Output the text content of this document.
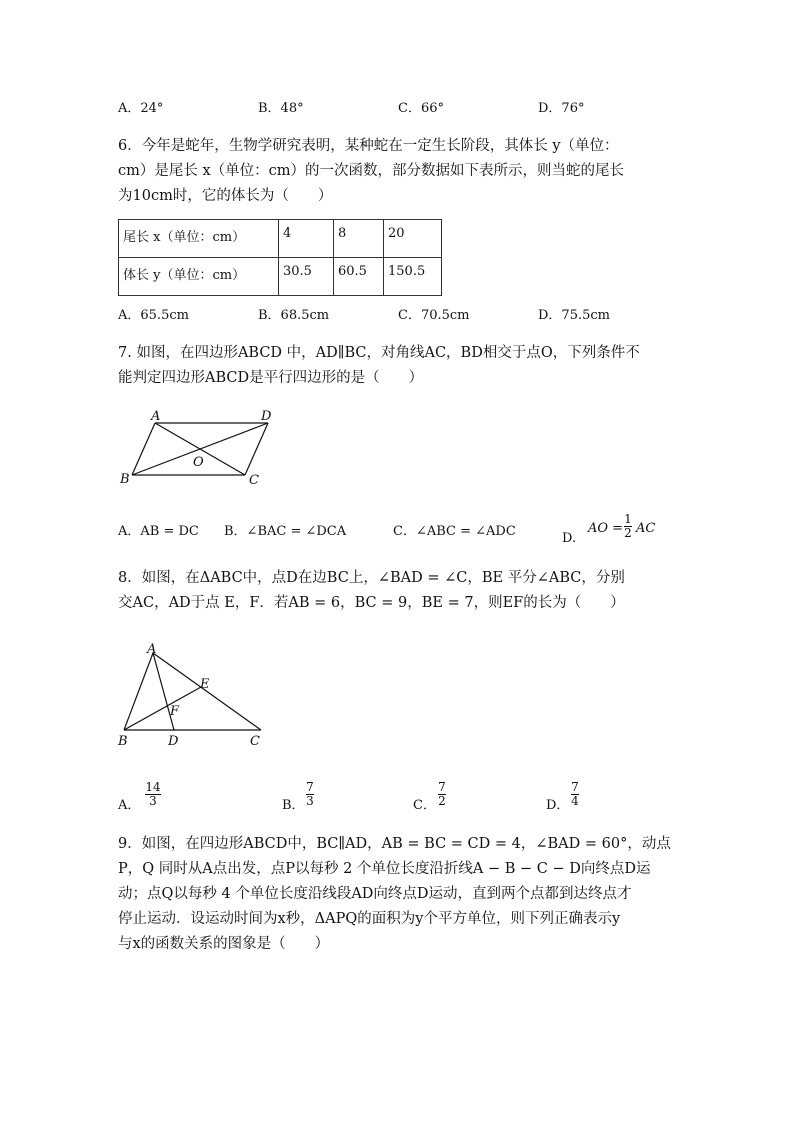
A．24°	B．48°	C．66°	D．76°
6．今年是蛇年，生物学研究表明，某种蛇在一定生长阶段，其体长 y（单位：
cm）是尾长 x（单位：cm）的一次函数，部分数据如下表所示，则当蛇的尾长
为10cm时，它的体长为（　　）
尾长 x（单位：cm）	4	8	20
体长 y（单位：cm）	30.5	60.5	150.5
A．65.5cm	B．68.5cm	C．70.5cm	D．75.5cm
7. 如图，在四边形ABCD 中，AD∥BC，对角线AC，BD相交于点O，下列条件不
能判定四边形ABCD是平行四边形的是（　　）
A	D
B	C
O
A．AB = DC B．∠BAC = ∠DCA	C．∠ABC = ∠ADC	D.
AO =
1
2 AC
8．如图，在ΔABC中，点D在边BC上，∠BAD = ∠C，BE 平分∠ABC，分别
交AC，AD于点 E，F．若AB = 6，BC = 9，BE = 7，则EF的长为（　　）
A
B	C
D
E
F
A．
14
3	B．
7
3	C．
7
2	D．
7
4
9．如图，在四边形ABCD中，BC∥AD，AB = BC = CD = 4，∠BAD = 60°，动点
P，Q 同时从A点出发，点P以每秒 2 个单位长度沿折线A − B − C − D向终点D运
动；点Q以每秒 4 个单位长度沿线段AD向终点D运动，直到两个点都到达终点才
停止运动．设运动时间为x秒，ΔAPQ的面积为y个平方单位，则下列正确表示y
与x的函数关系的图象是（　　）
